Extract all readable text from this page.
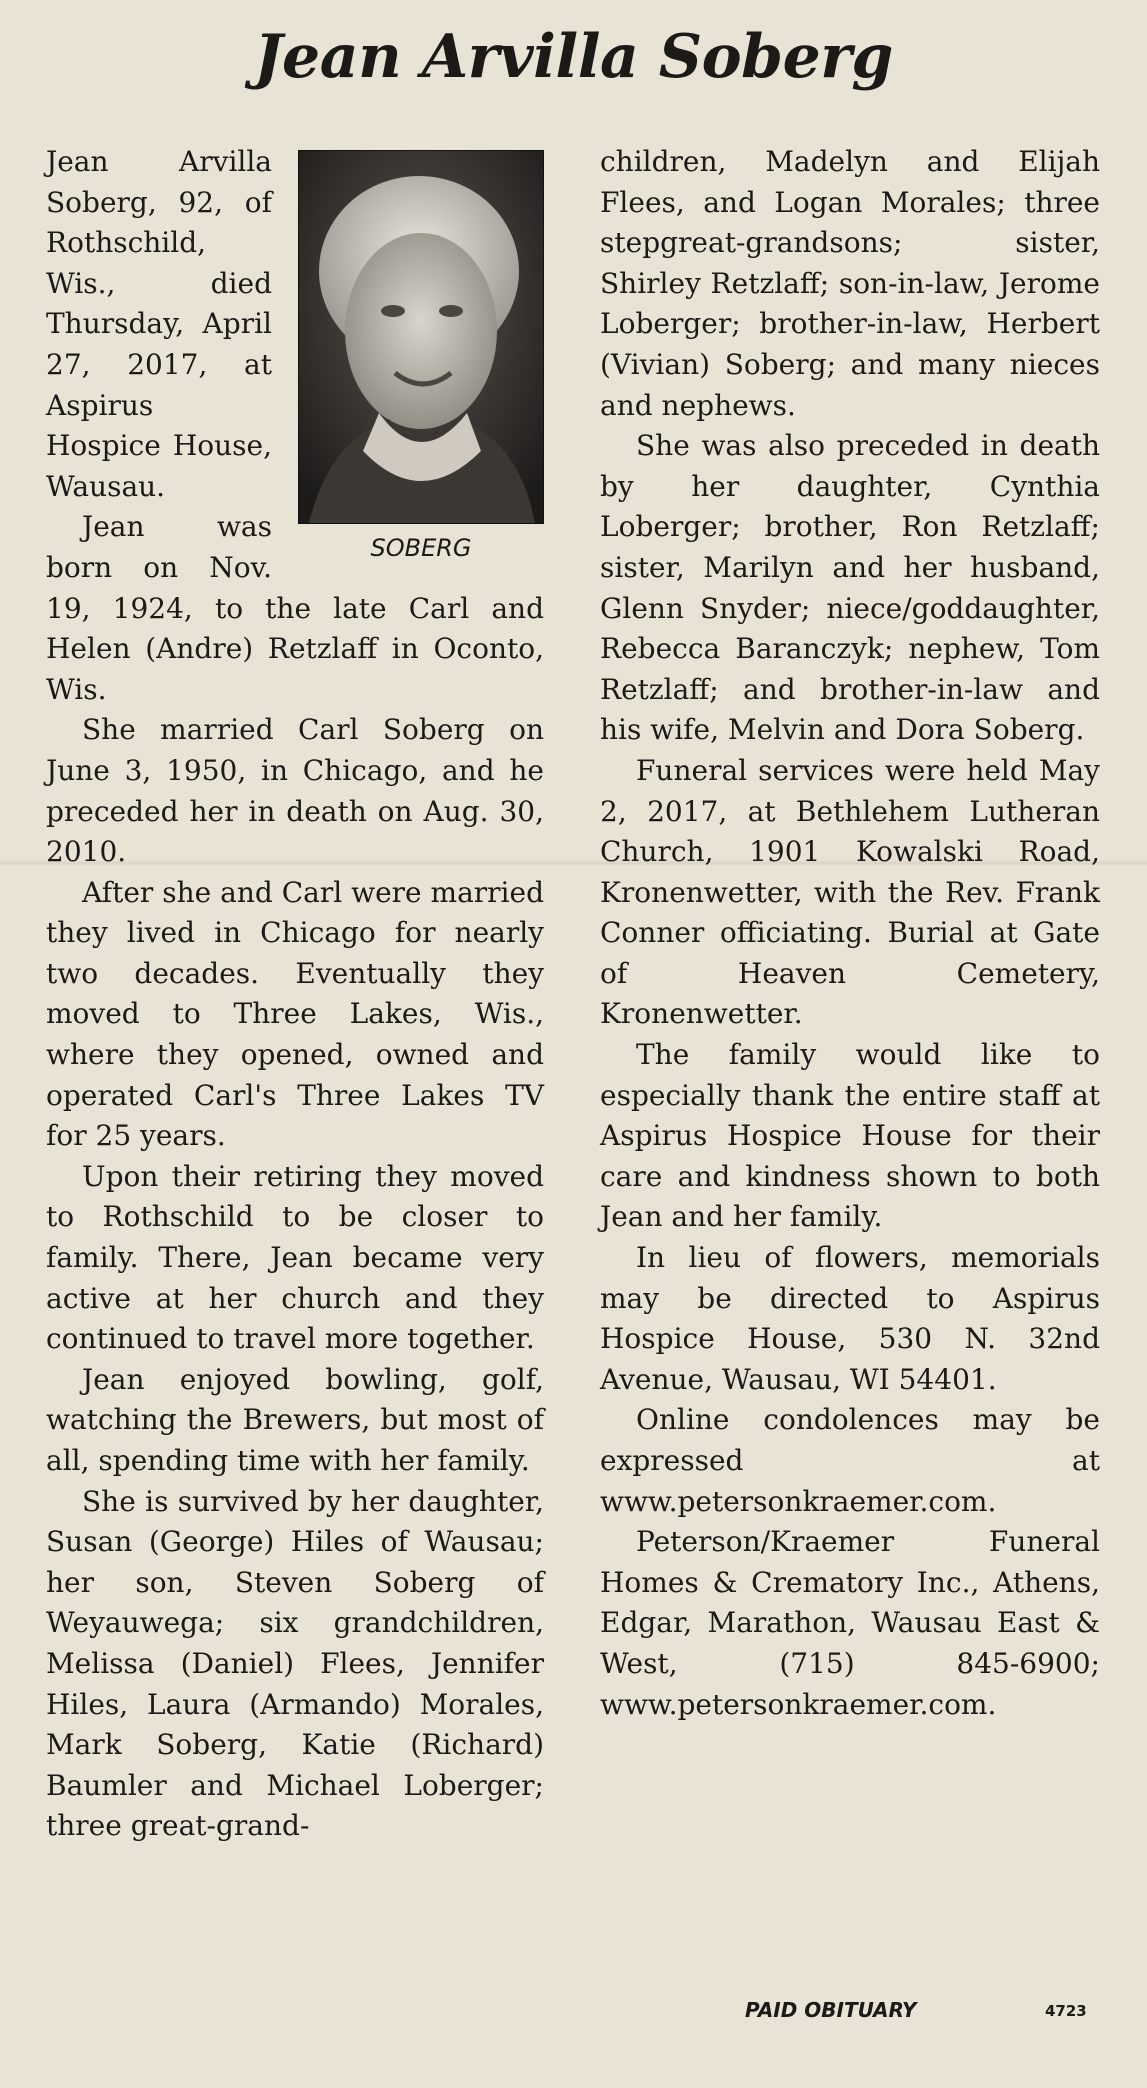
Jean Arvilla Soberg
SOBERG

Jean Arvilla Soberg, 92, of Rothschild, Wis., died Thursday, April 27, 2017, at Aspirus Hospice House, Wausau.

Jean was born on Nov. 19, 1924, to the late Carl and Helen (Andre) Retzlaff in Oconto, Wis.

She married Carl Soberg on June 3, 1950, in Chicago, and he preceded her in death on Aug. 30, 2010.

After she and Carl were married they lived in Chicago for nearly two decades. Eventually they moved to Three Lakes, Wis., where they opened, owned and operated Carl's Three Lakes TV for 25 years.

Upon their retiring they moved to Rothschild to be closer to family. There, Jean became very active at her church and they continued to travel more together.

Jean enjoyed bowling, golf, watching the Brewers, but most of all, spending time with her family.

She is survived by her daughter, Susan (George) Hiles of Wausau; her son, Steven Soberg of Weyauwega; six grandchildren, Melissa (Daniel) Flees, Jennifer Hiles, Laura (Armando) Morales, Mark Soberg, Katie (Richard) Baumler and Michael Loberger; three great-grand-

children, Madelyn and Elijah Flees, and Logan Morales; three stepgreat-grandsons; sister, Shirley Retzlaff; son-in-law, Jerome Loberger; brother-in-law, Herbert (Vivian) Soberg; and many nieces and nephews.

She was also preceded in death by her daughter, Cynthia Loberger; brother, Ron Retzlaff; sister, Marilyn and her husband, Glenn Snyder; niece/goddaughter, Rebecca Baranczyk; nephew, Tom Retzlaff; and brother-in-law and his wife, Melvin and Dora Soberg.

Funeral services were held May 2, 2017, at Bethlehem Lutheran Church, 1901 Kowalski Road, Kronenwetter, with the Rev. Frank Conner officiating. Burial at Gate of Heaven Cemetery, Kronenwetter.

The family would like to especially thank the entire staff at Aspirus Hospice House for their care and kindness shown to both Jean and her family.

In lieu of flowers, memorials may be directed to Aspirus Hospice House, 530 N. 32nd Avenue, Wausau, WI 54401.

Online condolences may be expressed at www.petersonkraemer.com.

Peterson/Kraemer Funeral Homes & Crematory Inc., Athens, Edgar, Marathon, Wausau East & West, (715) 845-6900; www.petersonkraemer.com.

PAID OBITUARY	4723
